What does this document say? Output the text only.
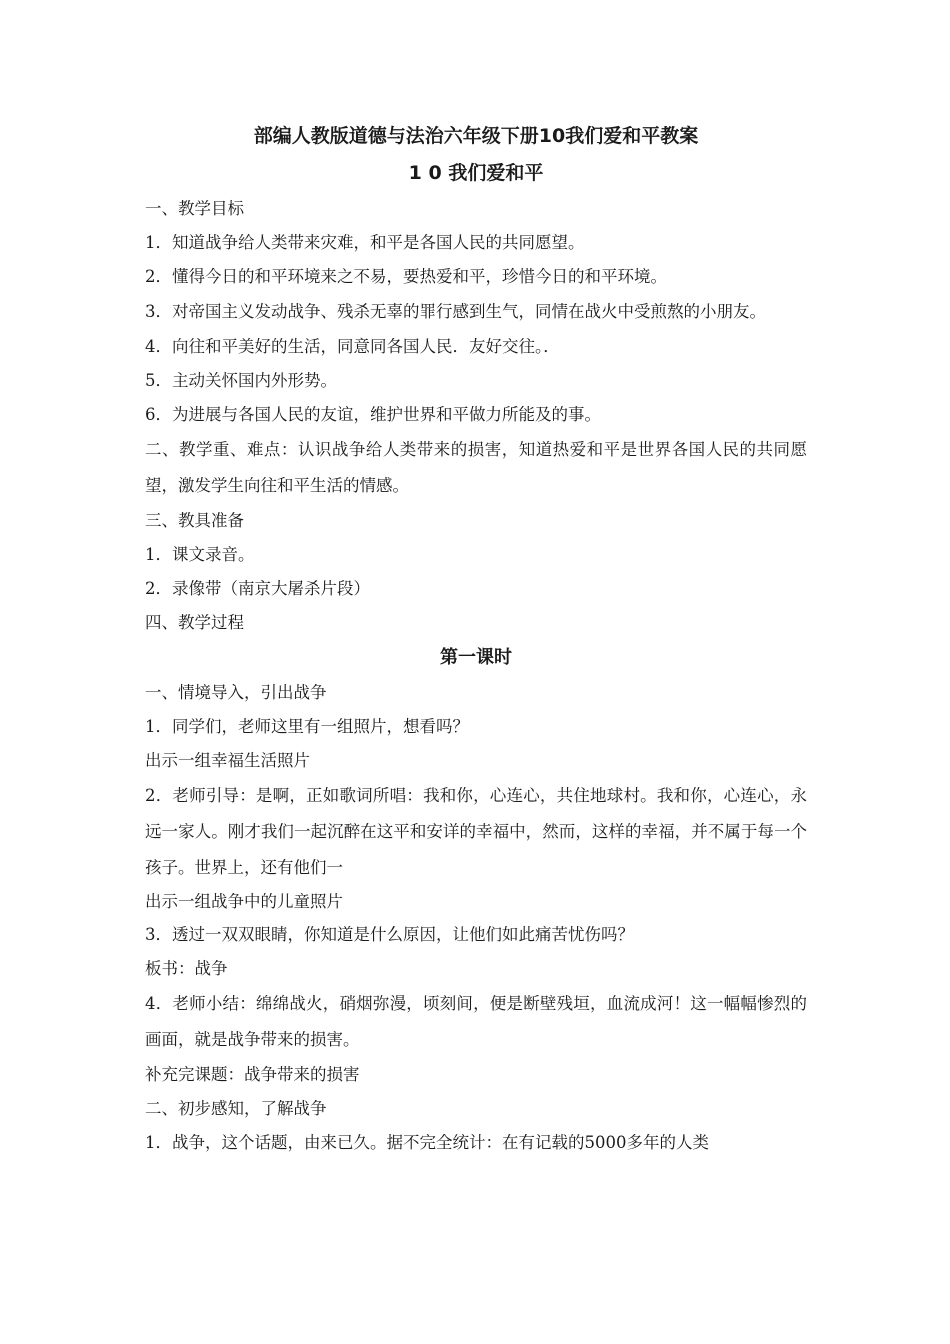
部编人教版道德与法治六年级下册10我们爱和平教案
1 0 我们爱和平

一、教学目标

1．知道战争给人类带来灾难，和平是各国人民的共同愿望。

2．懂得今日的和平环境来之不易，要热爱和平，珍惜今日的和平环境。

3．对帝国主义发动战争、残杀无辜的罪行感到生气，同情在战火中受煎熬的小朋友。

4．向往和平美好的生活，同意同各国人民．友好交往。．

5．主动关怀国内外形势。

6．为进展与各国人民的友谊，维护世界和平做力所能及的事。

二、教学重、难点：认识战争给人类带来的损害，知道热爱和平是世界各国人民的共同愿望，激发学生向往和平生活的情感。

三、教具准备

1．课文录音。

2．录像带（南京大屠杀片段）

四、教学过程

第一课时

一、情境导入，引出战争

1．同学们，老师这里有一组照片，想看吗？

出示一组幸福生活照片

2．老师引导：是啊，正如歌词所唱：我和你，心连心，共住地球村。我和你，心连心，永远一家人。刚才我们一起沉醉在这平和安详的幸福中，然而，这样的幸福，并不属于每一个孩子。世界上，还有他们一

出示一组战争中的儿童照片

3．透过一双双眼睛，你知道是什么原因，让他们如此痛苦忧伤吗？

板书：战争

4．老师小结：绵绵战火，硝烟弥漫，顷刻间，便是断壁残垣，血流成河！这一幅幅惨烈的画面，就是战争带来的损害。

补充完课题：战争带来的损害

二、初步感知，了解战争

1．战争，这个话题，由来已久。据不完全统计：在有记载的5000多年的人类
